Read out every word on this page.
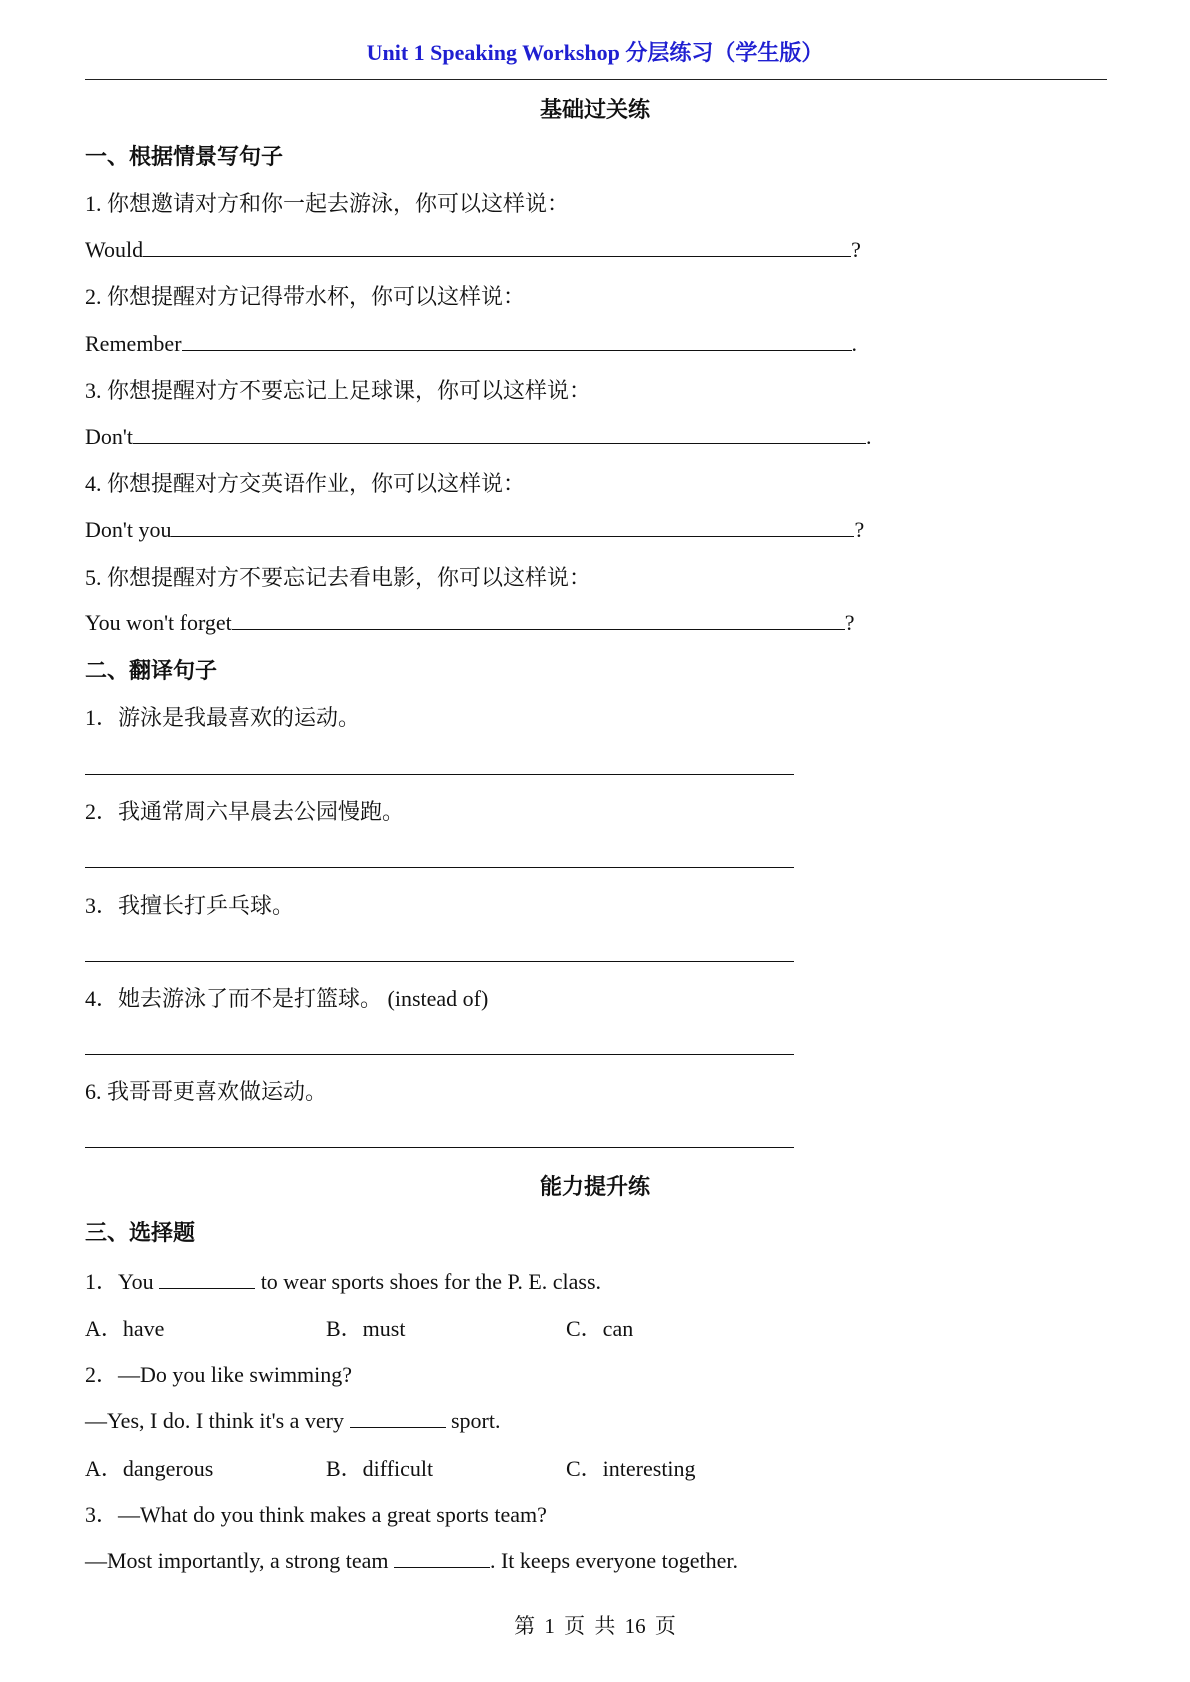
Unit 1 Speaking Workshop 分层练习（学生版）
基础过关练
一、根据情景写句子
1. 你想邀请对方和你一起去游泳，你可以这样说：
Would	?
2. 你想提醒对方记得带水杯，你可以这样说：
Remember	.
3. 你想提醒对方不要忘记上足球课，你可以这样说：
Don't	.
4. 你想提醒对方交英语作业，你可以这样说：
Don't you	?
5. 你想提醒对方不要忘记去看电影，你可以这样说：
You won't forget	?
二、翻译句子
1．游泳是我最喜欢的运动。
2．我通常周六早晨去公园慢跑。
3．我擅长打乒乓球。
4．她去游泳了而不是打篮球。 (instead of)
6. 我哥哥更喜欢做运动。
能力提升练
三、选择题
1．You	to wear sports shoes for the P. E. class.
A．have	B．must	C．can
2．—Do you like swimming?
—Yes, I do. I think it's a very	sport.
A．dangerous	B．difficult	C．interesting
3．—What do you think makes a great sports team?
—Most importantly, a strong team	. It keeps everyone together.
第 1 页 共 16 页
